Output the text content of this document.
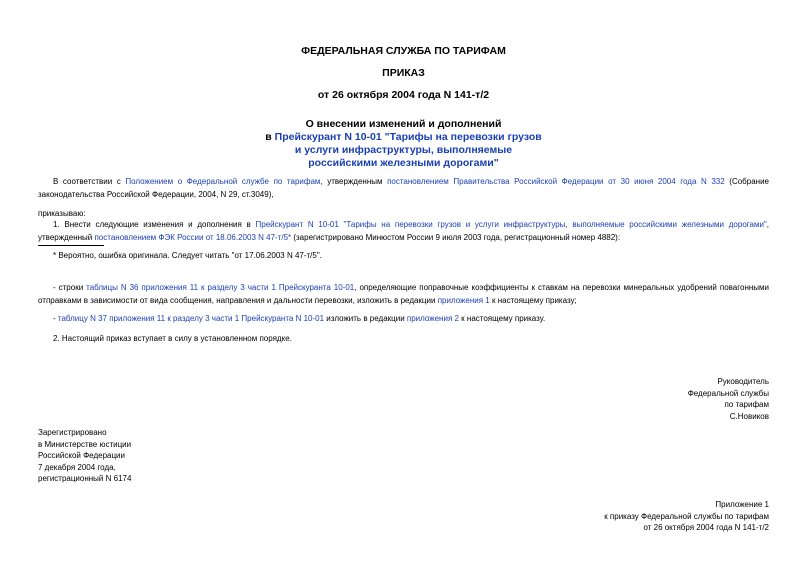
ФЕДЕРАЛЬНАЯ СЛУЖБА ПО ТАРИФАМ
ПРИКАЗ
от 26 октября 2004 года N 141-т/2
О внесении изменений и дополнений
в Прейскурант N 10-01 "Тарифы на перевозки грузов
и услуги инфраструктуры, выполняемые
российскими железными дорогами"
В соответствии с Положением о Федеральной службе по тарифам, утвержденным постановлением Правительства Российской Федерации от 30 июня 2004 года N 332 (Собрание законодательства Российской Федерации, 2004, N 29, ст.3049),
приказываю:
1. Внести следующие изменения и дополнения в Прейскурант N 10-01 "Тарифы на перевозки грузов и услуги инфраструктуры, выполняемые российскими железными дорогами", утвержденный постановлением ФЭК России от 18.06.2003 N 47-т/5* (зарегистрировано Минюстом России 9 июля 2003 года, регистрационный номер 4882):
* Вероятно, ошибка оригинала. Следует читать "от 17.06.2003 N 47-т/5".
- строки таблицы N 36 приложения 11 к разделу 3 части 1 Прейскуранта 10-01, определяющие поправочные коэффициенты к ставкам на перевозки минеральных удобрений повагонными отправками в зависимости от вида сообщения, направления и дальности перевозки, изложить в редакции приложения 1 к настоящему приказу;
- таблицу N 37 приложения 11 к разделу 3 части 1 Прейскуранта N 10-01 изложить в редакции приложения 2 к настоящему приказу.
2. Настоящий приказ вступает в силу в установленном порядке.
Руководитель
Федеральной службы
по тарифам
С.Новиков
Зарегистрировано
в Министерстве юстиции
Российской Федерации
7 декабря 2004 года,
регистрационный N 6174
Приложение 1
к приказу Федеральной службы по тарифам
от 26 октября 2004 года N 141-т/2
